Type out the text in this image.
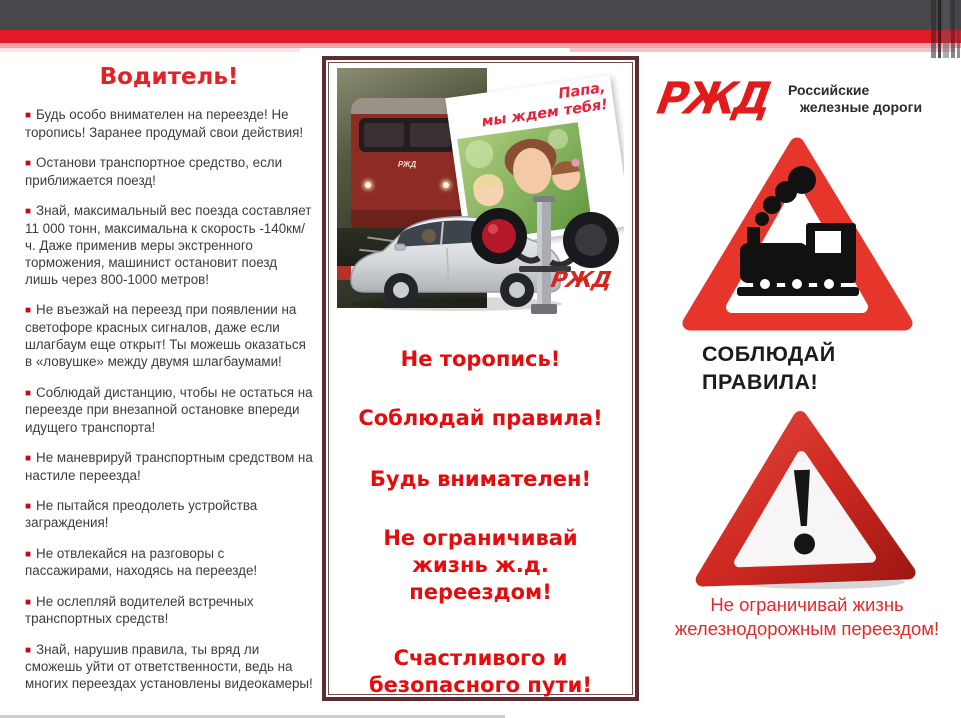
Водитель!
■ Будь особо внимателен на переезде! Не торопись! Заранее продумай свои действия!
■ Останови транспортное средство, если приближается поезд!
■ Знай, максимальный вес поезда составляет 11 000 тонн, максимальна к скорость -140км/ч. Даже применив меры экстренного торможения, машинист остановит поезд лишь через 800-1000 метров!
■ Не въезжай на переезд при появлении на светофоре красных сигналов, даже если шлагбаум еще открыт! Ты можешь оказаться в «ловушке» между двумя шлагбаумами!
■ Соблюдай дистанцию, чтобы не остаться на переезде при внезапной остановке впереди идущего транспорта!
■ Не маневрируй транспортным средством на настиле переезда!
■ Не пытайся преодолеть устройства заграждения!
■ Не отвлекайся на разговоры с пассажирами, находясь на переезде!
■ Не ослепляй водителей встречных транспортных средств!
■ Знай, нарушив правила, ты вряд ли сможешь уйти от ответственности, ведь на многих переездах установлены видеокамеры!
РЖД
Папа,
мы ждем тебя!
РЖД
Не торопись!
Соблюдай правила!
Будь внимателен!
Не ограничивай жизнь ж.д. переездом!
Счастливого и безопасного пути!
РЖД Российские
железные дороги
СОБЛЮДАЙ
ПРАВИЛА!
Не ограничивай жизнь железнодорожным переездом!
